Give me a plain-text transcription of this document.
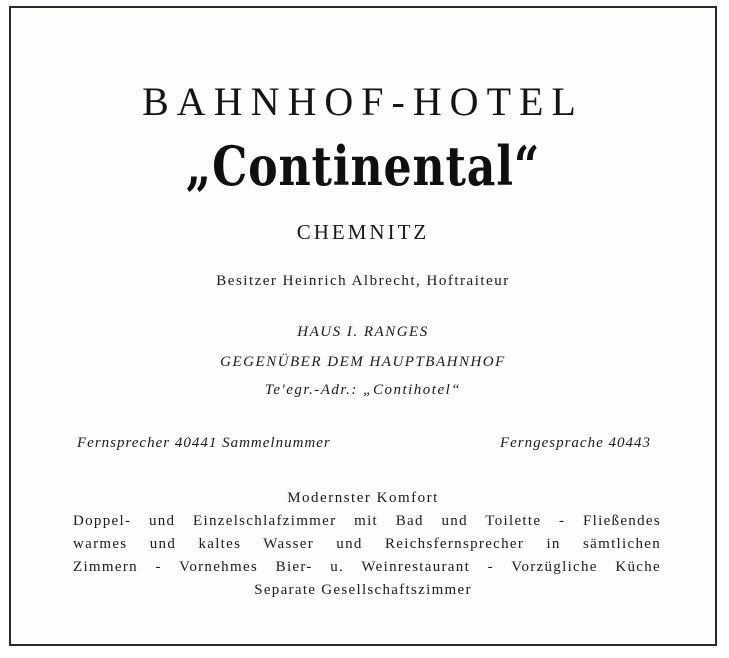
BAHNHOF-HOTEL
„Continental“
CHEMNITZ
Besitzer Heinrich Albrecht, Hoftraiteur
HAUS I. RANGES
GEGENÜBER DEM HAUPTBAHNHOF
Te'egr.-Adr.: „Contihotel“
Fernsprecher 40441 Sammelnummer	Ferngesprache 40443
Modernster Komfort
Doppel- und Einzelschlafzimmer mit Bad und Toilette - Fließendes
warmes und kaltes Wasser und Reichsfernsprecher in sämtlichen
Zimmern - Vornehmes Bier- u. Weinrestaurant - Vorzügliche Küche
Separate Gesellschaftszimmer
